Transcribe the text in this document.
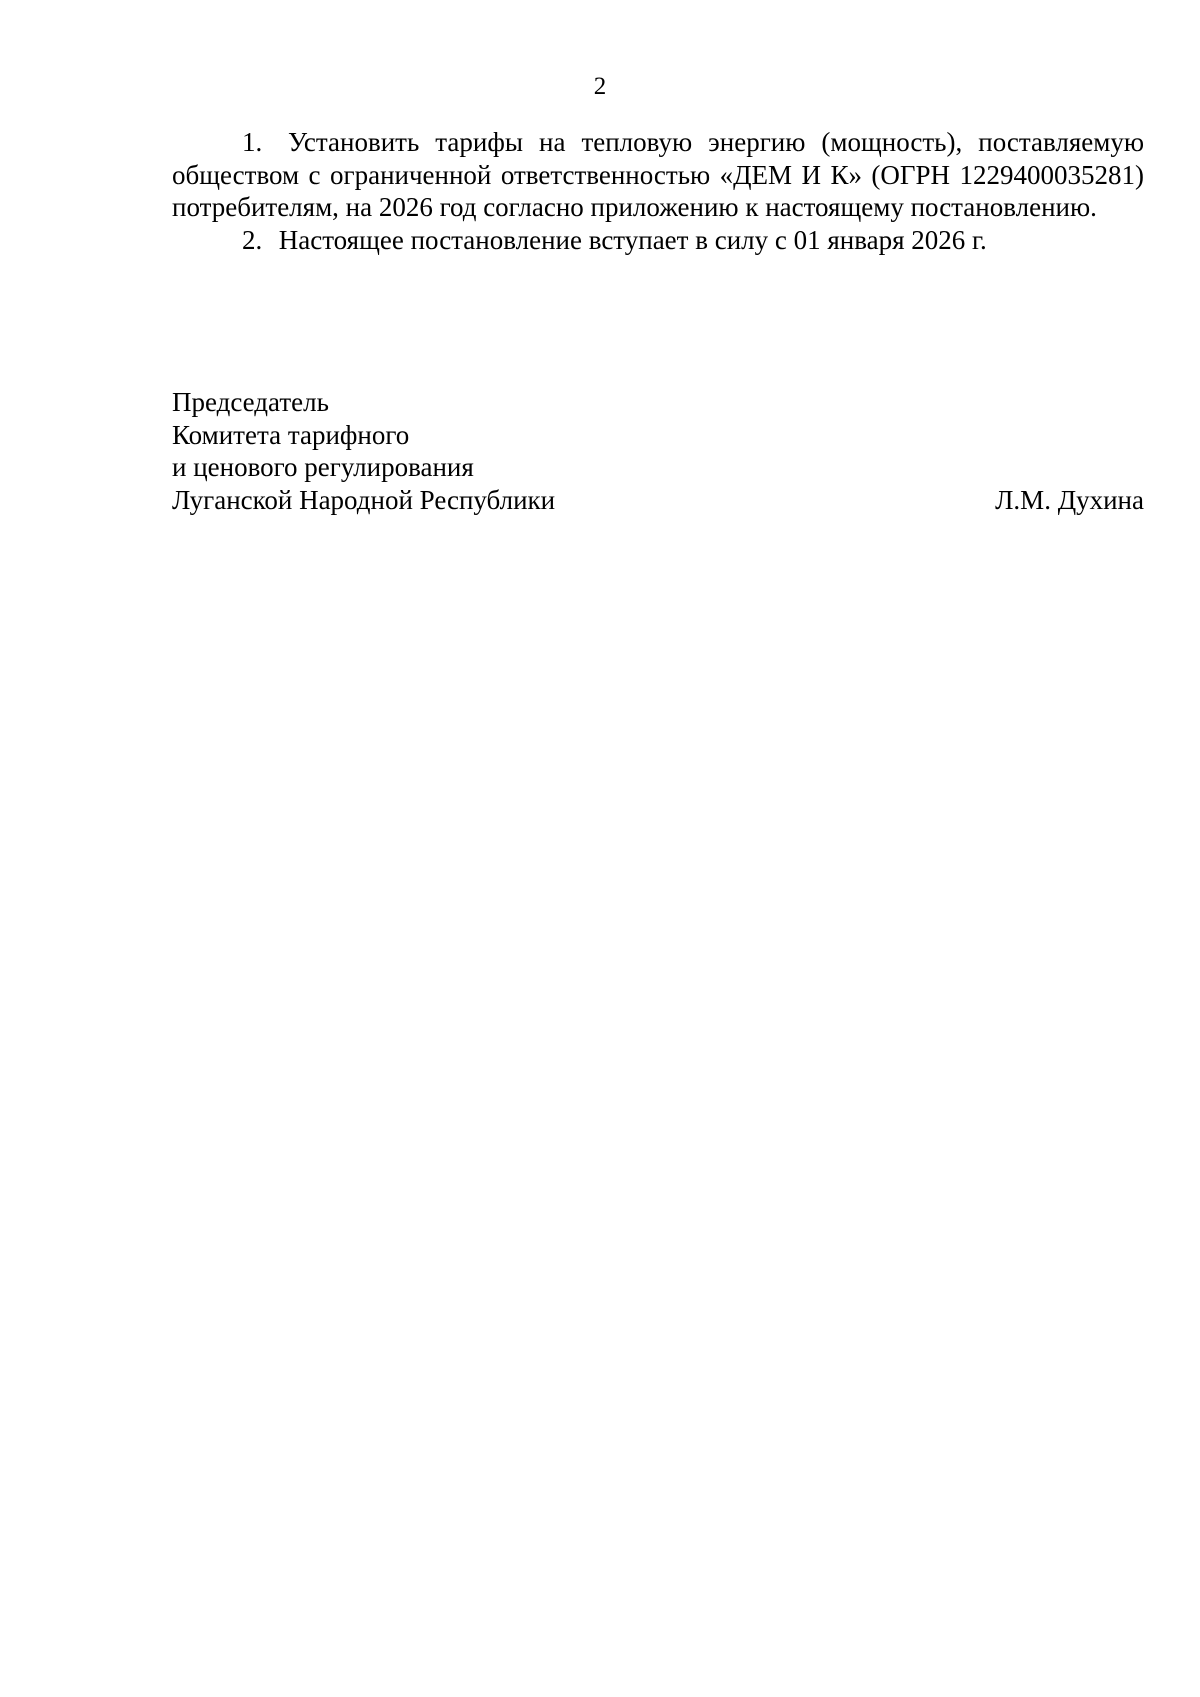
2

1. Установить тарифы на тепловую энергию (мощность), поставляемую обществом с ограниченной ответственностью «ДЕМ И К» (ОГРН 1229400035281) потребителям, на 2026 год согласно приложению к настоящему постановлению.

2. Настоящее постановление вступает в силу с 01 января 2026 г.

Председатель
Комитета тарифного
и ценового регулирования
Луганской Народной Республики	Л.М. Духина
